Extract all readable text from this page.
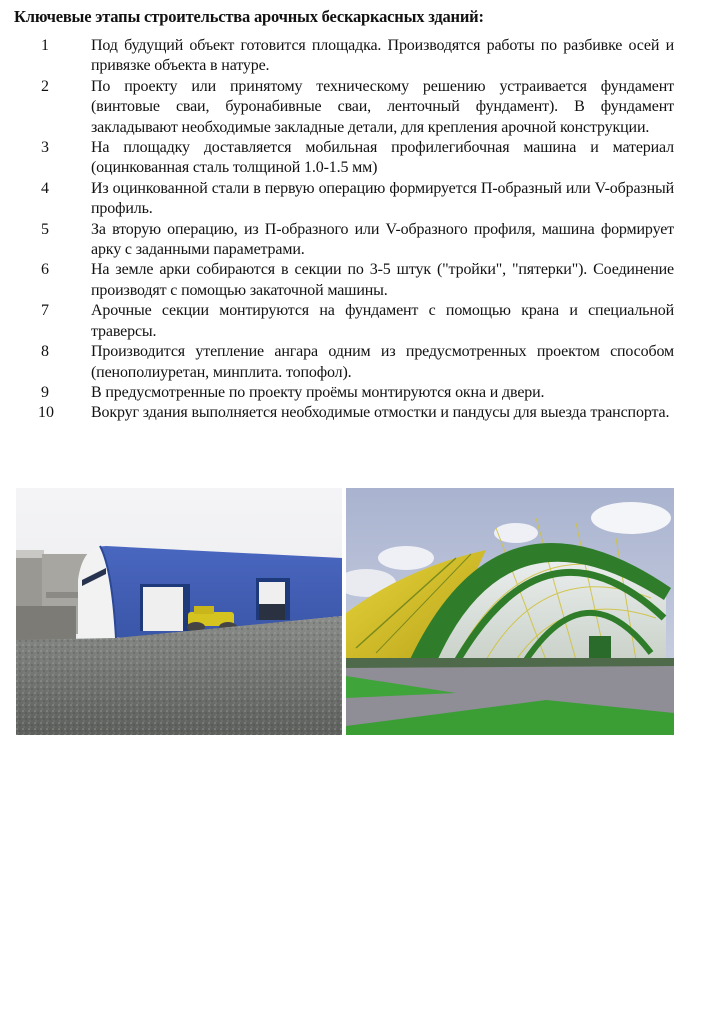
Ключевые этапы строительства арочных бескаркасных зданий:
1	Под будущий объект готовится площадка. Производятся работы по разбивке осей и привязке объекта в натуре.
2	По проекту или принятому техническому решению устраивается фундамент (винтовые сваи, буронабивные сваи, ленточный фундамент). В фундамент закладывают необходимые закладные детали, для крепления арочной конструкции.
3	На площадку доставляется мобильная профилегибочная машина и материал (оцинкованная сталь толщиной 1.0-1.5 мм)
4	Из оцинкованной стали в первую операцию формируется П-образный или V-образный профиль.
5	За вторую операцию, из П-образного или V-образного профиля, машина формирует арку с заданными параметрами.
6	На земле арки собираются в секции по 3-5 штук ("тройки", "пятерки"). Соединение производят с помощью закаточной машины.
7	Арочные секции монтируются на фундамент с помощью крана и специальной траверсы.
8	Производится утепление ангара одним из предусмотренных проектом способом (пенополиуретан, минплита. топофол).
9	В предусмотренные по проекту проёмы монтируются окна и двери.
10 Вокруг здания выполняется необходимые отмостки и пандусы для выезда транспорта.
